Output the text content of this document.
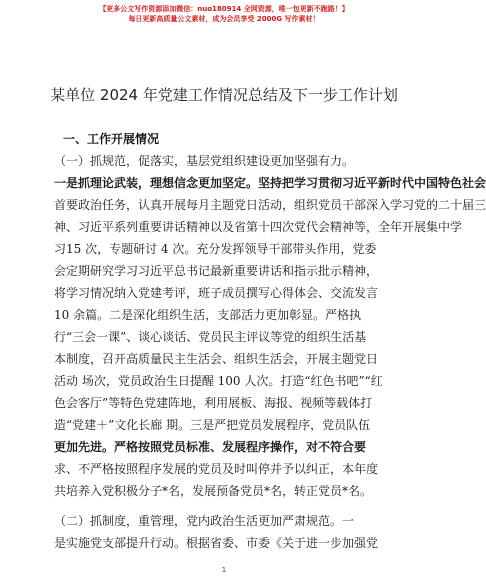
【更多公文写作资源添加微信：nuo180914 全网资源，唯一包更新不跑路！】
每日更新高质量公文素材，成为会员享受 2000G 写作素材！
某单位 2024 年党建工作情况总结及下一步工作计划
一、工作开展情况

（一）抓规范，促落实，基层党组织建设更加坚强有力。

一是抓理论武装，理想信念更加坚定。坚持把学习贯彻习近平新时代中国特色社会

首要政治任务，认真开展每月主题党日活动，组织党员干部深入学习党的二十届三

神、习近平系列重要讲话精神以及省第十四次党代会精神等，全年开展集中学

习15 次，专题研讨 4 次。充分发挥领导干部带头作用，党委

会定期研究学习习近平总书记最新重要讲话和指示批示精神，

将学习情况纳入党建考评，班子成员撰写心得体会、交流发言

10 余篇。二是深化组织生活，支部活力更加彰显。严格执

行“三会一课”、谈心谈话、党员民主评议等党的组织生活基

本制度，召开高质量民主生活会、组织生活会，开展主题党日

活动 场次，党员政治生日提醒 100 人次。打造“红色书吧”“红

色会客厅”等特色党建阵地，利用展板、海报、视频等载体打

造“党建＋”文化长廊 期。三是严把党员发展程序，党员队伍

更加先进。严格按照党员标准、发展程序操作，对不符合要

求、不严格按照程序发展的党员及时叫停并予以纠正，本年度

共培养入党积极分子*名，发展预备党员*名，转正党员*名。

（二）抓制度，重管理，党内政治生活更加严肃规范。一

是实施党支部提升行动。根据省委、市委《关于进一步加强党

1
